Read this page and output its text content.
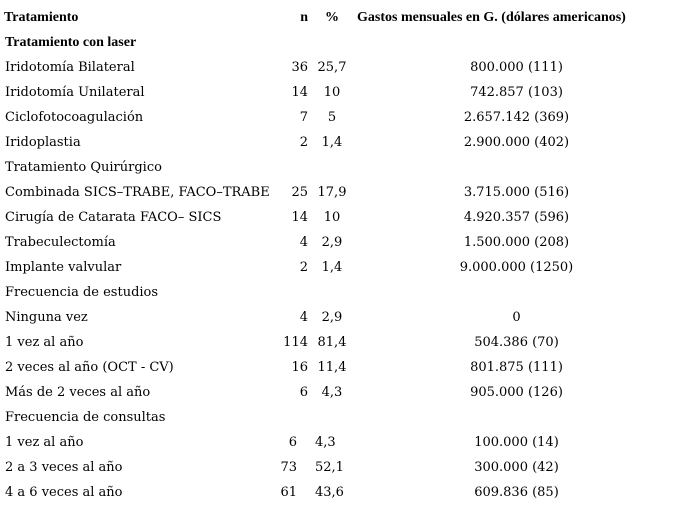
Tratamiento	n	%	Gastos mensuales en G. (dólares americanos)
Tratamiento con laser			
Iridotomía Bilateral	36	25,7	800.000 (111)
Iridotomía Unilateral	14	10	742.857 (103)
Ciclofotocoagulación	7	5	2.657.142 (369)
Iridoplastia	2	1,4	2.900.000 (402)
Tratamiento Quirúrgico			
Combinada SICS–TRABE, FACO–TRABE	25	17,9	3.715.000 (516)
Cirugía de Catarata FACO– SICS	14	10	4.920.357 (596)
Trabeculectomía	4	2,9	1.500.000 (208)
Implante valvular	2	1,4	9.000.000 (1250)
Frecuencia de estudios			
Ninguna vez	4	2,9	0
1 vez al año	114	81,4	504.386 (70)
2 veces al año (OCT - CV)	16	11,4	801.875 (111)
Más de 2 veces al año	6	4,3	905.000 (126)
Frecuencia de consultas			
1 vez al año	6	4,3	100.000 (14)
2 a 3 veces al año	73	52,1	300.000 (42)
4 a 6 veces al año	61	43,6	609.836 (85)
